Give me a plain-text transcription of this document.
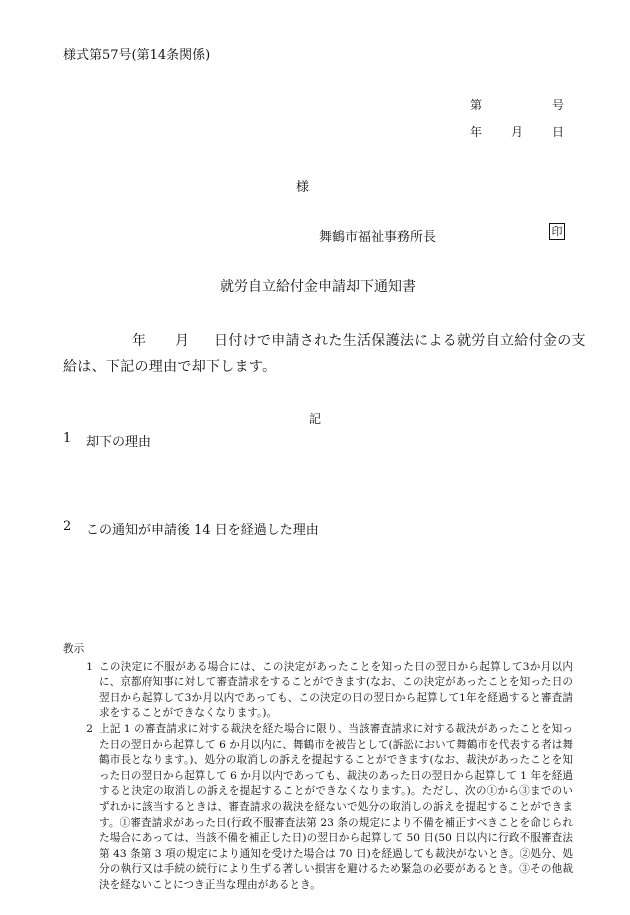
様式第57号(第14条関係)
第	号
年 月 日
様
舞鶴市福祉事務所長	印
就労自立給付金申請却下通知書
年 月 日付けで申請された生活保護法による就労自立給付金の支
給は、下記の理由で却下します。
記
1 却下の理由
2 この通知が申請後 14 日を経過した理由
教示
1 この決定に不服がある場合には、この決定があったことを知った日の翌日から起算して3か月以内に、京都府知事に対して審査請求をすることができます(なお、この決定があったことを知った日の翌日から起算して3か月以内であっても、この決定の日の翌日から起算して1年を経過すると審査請求をすることができなくなります。)。
2 上記 1 の審査請求に対する裁決を経た場合に限り、当該審査請求に対する裁決があったことを知った日の翌日から起算して 6 か月以内に、舞鶴市を被告として(訴訟において舞鶴市を代表する者は舞鶴市長となります。)、処分の取消しの訴えを提起することができます(なお、裁決があったことを知った日の翌日から起算して 6 か月以内であっても、裁決のあった日の翌日から起算して 1 年を経過すると決定の取消しの訴えを提起することができなくなります。)。ただし、次の①から③までのいずれかに該当するときは、審査請求の裁決を経ないで処分の取消しの訴えを提起することができます。①審査請求があった日(行政不服審査法第 23 条の規定により不備を補正すべきことを命じられた場合にあっては、当該不備を補正した日)の翌日から起算して 50 日(50 日以内に行政不服審査法第 43 条第 3 項の規定により通知を受けた場合は 70 日)を経過しても裁決がないとき。②処分、処分の執行又は手続の続行により生ずる著しい損害を避けるため緊急の必要があるとき。③その他裁決を経ないことにつき正当な理由があるとき。
